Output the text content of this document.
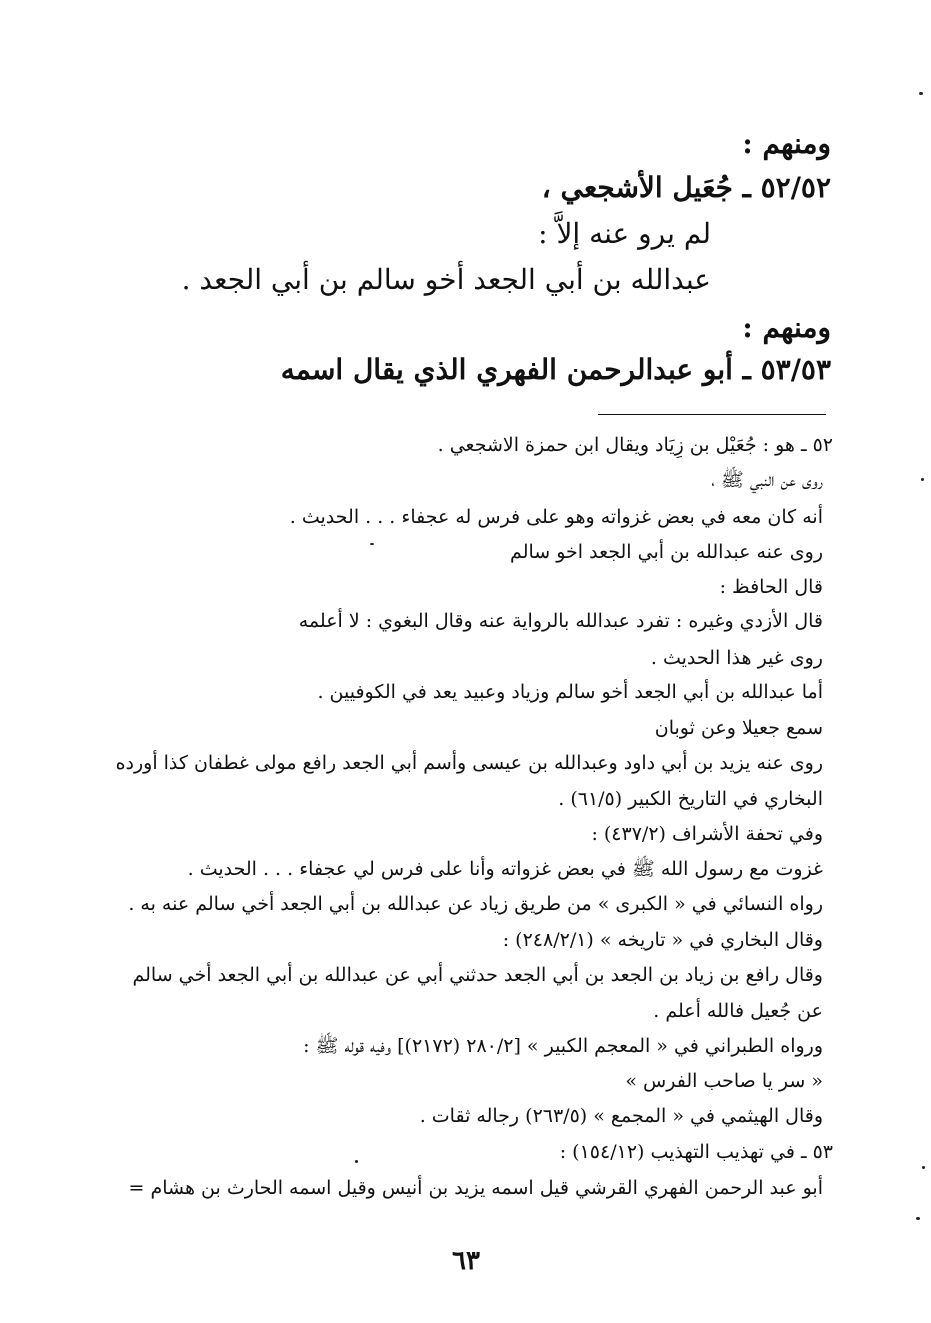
ومنهم :
٥٢/٥٢ ـ جُعَيل الأشجعي ،
لم يرو عنه إلاَّ :
عبدالله بن أبي الجعد أخو سالم بن أبي الجعد .
ومنهم :
٥٣/٥٣ ـ أبو عبدالرحمن الفهري الذي يقال اسمه
٥٢ ـ هو : جُعَيْل بن زِيَاد ويقال ابن حمزة الاشجعي .
روى عن النبي ﷺ ،
أنه كان معه في بعض غزواته وهو على فرس له عجفاء . . . الحديث .
روى عنه عبدالله بن أبي الجعد اخو سالم
قال الحافظ :
قال الأزدي وغيره : تفرد عبدالله بالرواية عنه وقال البغوي : لا أعلمه
روى غير هذا الحديث .
أما عبدالله بن أبي الجعد أخو سالم وزياد وعبيد يعد في الكوفيين .
سمع جعيلا وعن ثوبان
روى عنه يزيد بن أبي داود وعبدالله بن عيسى وأسم أبي الجعد رافع مولى غطفان كذا أورده
البخاري في التاريخ الكبير (٦١/٥) .
وفي تحفة الأشراف (٤٣٧/٢) :
غزوت مع رسول الله ﷺ في بعض غزواته وأنا على فرس لي عجفاء . . . الحديث .
رواه النسائي في « الكبرى » من طريق زياد عن عبدالله بن أبي الجعد أخي سالم عنه به .
وقال البخاري في « تاريخه » (٢٤٨/٢/١) :
وقال رافع بن زياد بن الجعد بن أبي الجعد حدثني أبي عن عبدالله بن أبي الجعد أخي سالم
عن جُعيل فالله أعلم .
ورواه الطبراني في « المعجم الكبير » [٢٨٠/٢ (٢١٧٢)] وفيه قوله ﷺ :
« سر يا صاحب الفرس »
وقال الهيثمي في « المجمع » (٢٦٣/٥) رجاله ثقات .
٥٣ ـ في تهذيب التهذيب (١٥٤/١٢) :
أبو عبد الرحمن الفهري القرشي قيل اسمه يزيد بن أنيس وقيل اسمه الحارث بن هشام =
٦٣
